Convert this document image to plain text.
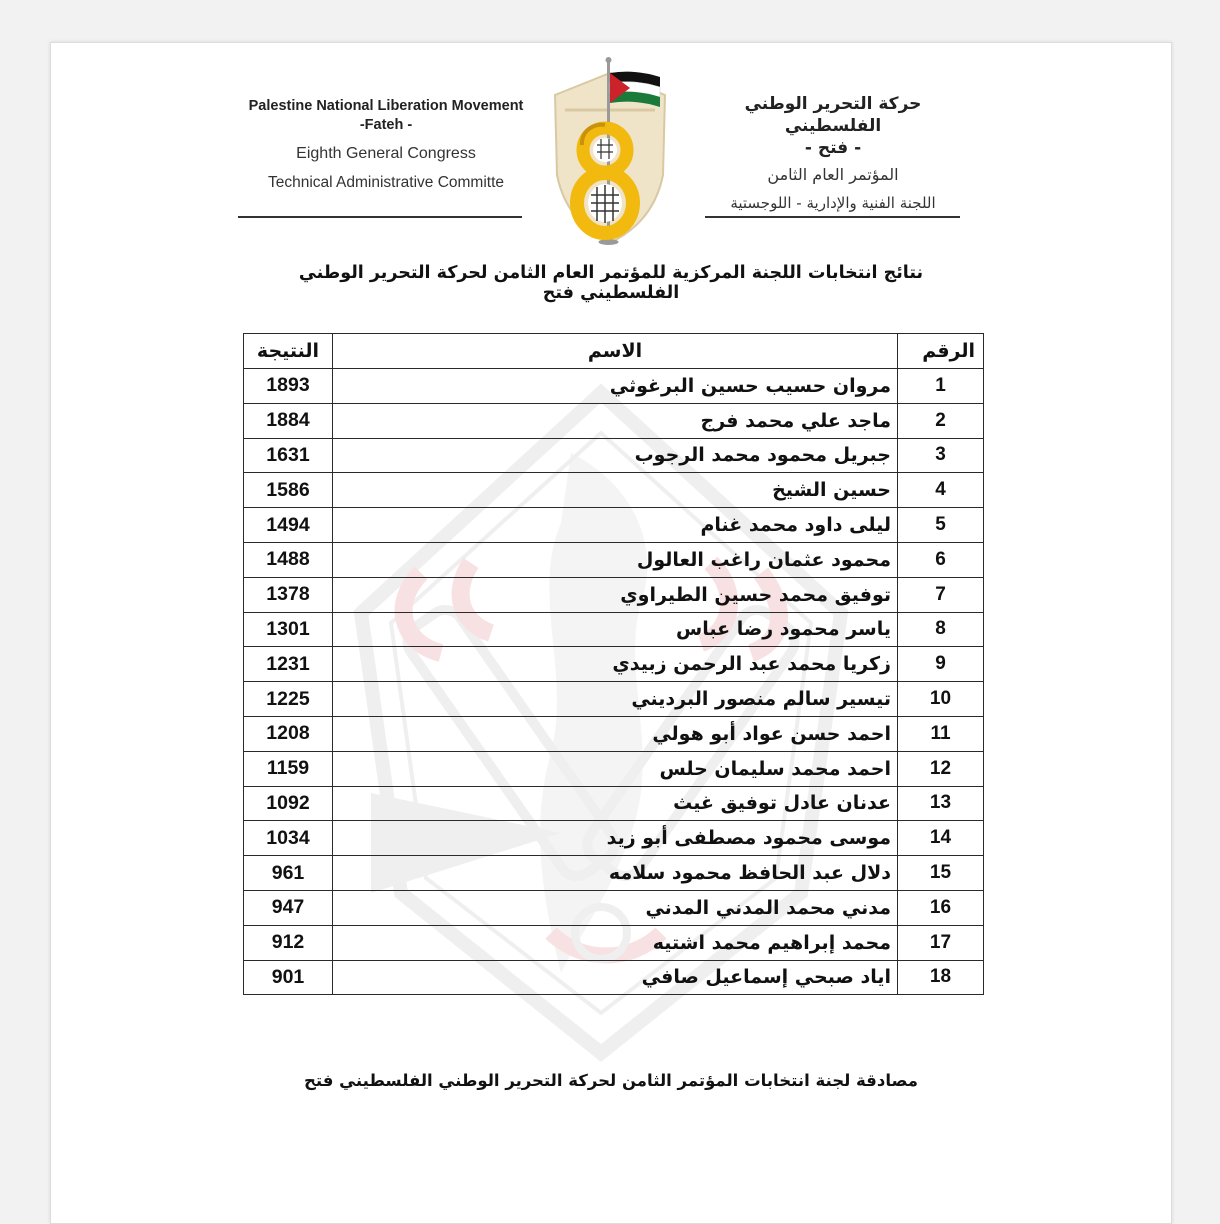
Palestine National Liberation Movement
-Fateh -
Eighth General Congress
Technical Administrative Committe
حركة التحرير الوطني الفلسطيني
- فتح -
المؤتمر العام الثامن
اللجنة الفنية والإدارية - اللوجستية
نتائج انتخابات اللجنة المركزية للمؤتمر العام الثامن لحركة التحرير الوطني الفلسطيني فتح
الرقم	الاسم	النتيجة
1	مروان حسيب حسين البرغوثي	1893
2	ماجد علي محمد فرج	1884
3	جبريل محمود محمد الرجوب	1631
4	حسين الشيخ	1586
5	ليلى داود محمد غنام	1494
6	محمود عثمان راغب العالول	1488
7	توفيق محمد حسين الطيراوي	1378
8	ياسر محمود رضا عباس	1301
9	زكريا محمد عبد الرحمن زبيدي	1231
10	تيسير سالم منصور البرديني	1225
11	احمد حسن عواد أبو هولي	1208
12	احمد محمد سليمان حلس	1159
13	عدنان عادل توفيق غيث	1092
14	موسى محمود مصطفى أبو زيد	1034
15	دلال عبد الحافظ محمود سلامه	961
16	مدني محمد المدني المدني	947
17	محمد إبراهيم محمد اشتيه	912
18	اياد صبحي إسماعيل صافي	901
مصادقة لجنة انتخابات المؤتمر الثامن لحركة التحرير الوطني الفلسطيني فتح
